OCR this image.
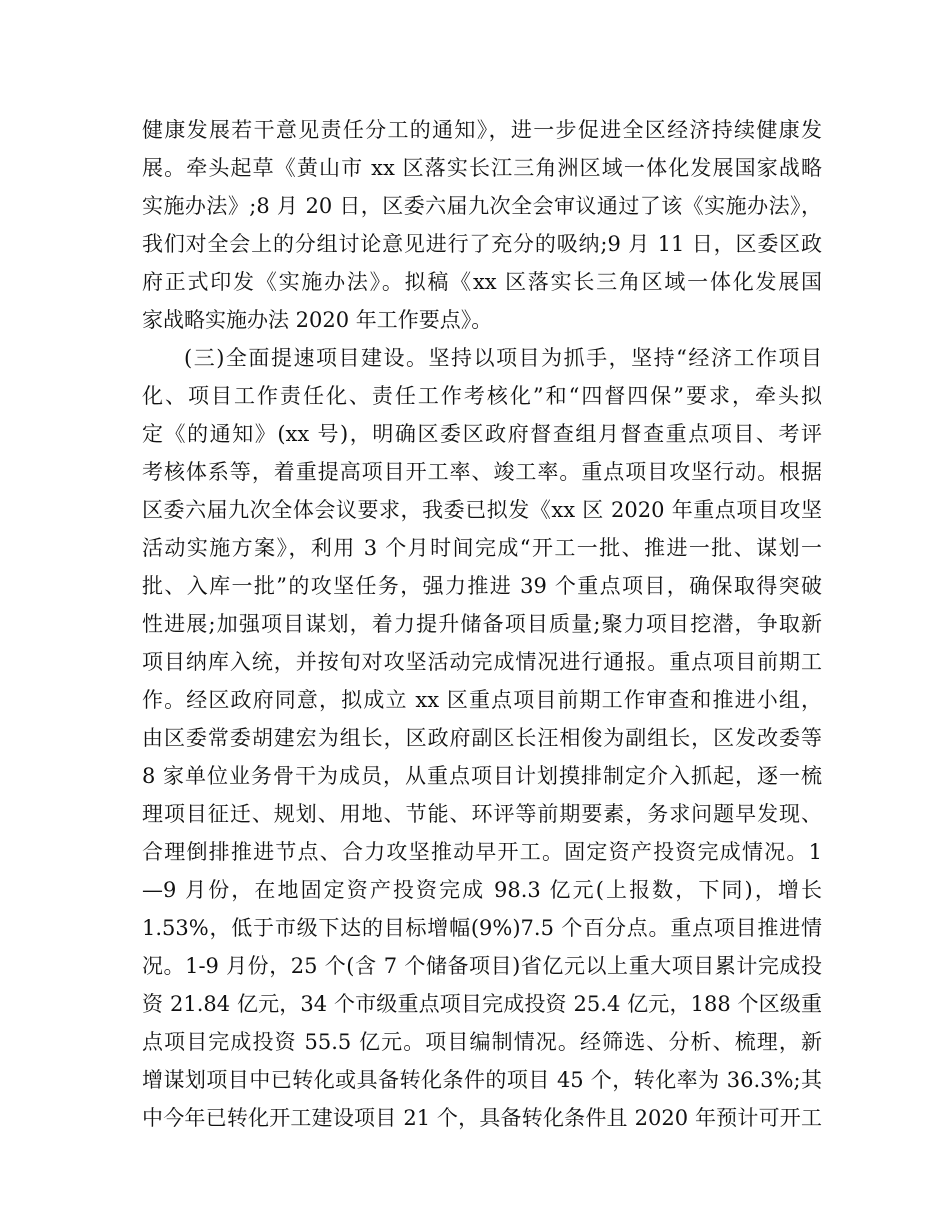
健康发展若干意见责任分工的通知》，进一步促进全区经济持续健康发
展。牵头起草《黄山市 xx 区落实长江三角洲区域一体化发展国家战略
实施办法》;8 月 20 日，区委六届九次全会审议通过了该《实施办法》，
我们对全会上的分组讨论意见进行了充分的吸纳;9 月 11 日，区委区政
府正式印发《实施办法》。拟稿《xx 区落实长三角区域一体化发展国
家战略实施办法 2020 年工作要点》。
(三)全面提速项目建设。坚持以项目为抓手，坚持“经济工作项目
化、项目工作责任化、责任工作考核化”和“四督四保”要求，牵头拟
定《的通知》(xx 号)，明确区委区政府督查组月督查重点项目、考评
考核体系等，着重提高项目开工率、竣工率。重点项目攻坚行动。根据
区委六届九次全体会议要求，我委已拟发《xx 区 2020 年重点项目攻坚
活动实施方案》，利用 3 个月时间完成“开工一批、推进一批、谋划一
批、入库一批”的攻坚任务，强力推进 39 个重点项目，确保取得突破
性进展;加强项目谋划，着力提升储备项目质量;聚力项目挖潜，争取新
项目纳库入统，并按旬对攻坚活动完成情况进行通报。重点项目前期工
作。经区政府同意，拟成立 xx 区重点项目前期工作审查和推进小组，
由区委常委胡建宏为组长，区政府副区长汪相俊为副组长，区发改委等
8 家单位业务骨干为成员，从重点项目计划摸排制定介入抓起，逐一梳
理项目征迁、规划、用地、节能、环评等前期要素，务求问题早发现、
合理倒排推进节点、合力攻坚推动早开工。固定资产投资完成情况。1
—9 月份，在地固定资产投资完成 98.3 亿元(上报数，下同)，增长
1.53%，低于市级下达的目标增幅(9%)7.5 个百分点。重点项目推进情
况。1-9 月份，25 个(含 7 个储备项目)省亿元以上重大项目累计完成投
资 21.84 亿元，34 个市级重点项目完成投资 25.4 亿元，188 个区级重
点项目完成投资 55.5 亿元。项目编制情况。经筛选、分析、梳理，新
增谋划项目中已转化或具备转化条件的项目 45 个，转化率为 36.3%;其
中今年已转化开工建设项目 21 个，具备转化条件且 2020 年预计可开工
